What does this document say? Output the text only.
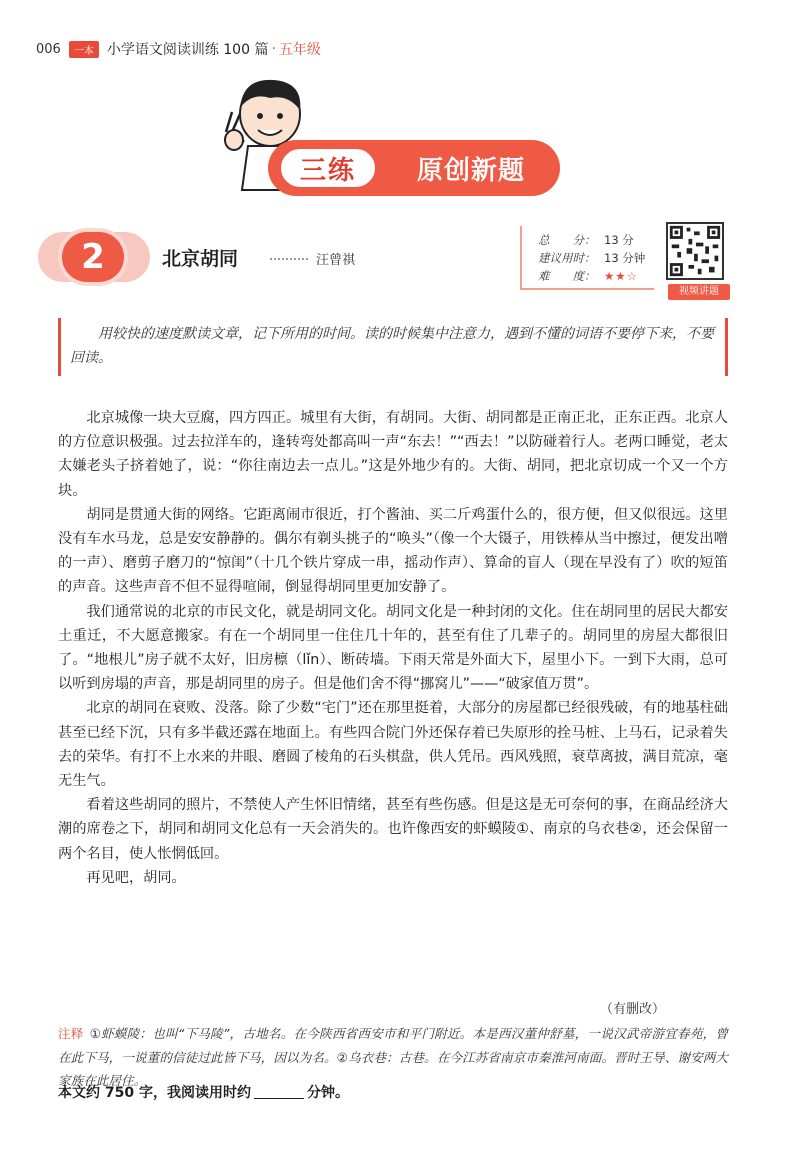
006	一本 小学语文阅读训练 100 篇 · 五年级
三练	原创新题
2	北京胡同	汪曾祺
总　　分： 13 分
建议用时： 13 分钟
难　　度： ★★☆
视频讲题
用较快的速度默读文章，记下所用的时间。读的时候集中注意力，遇到不懂的词语不要停下来，不要回读。

北京城像一块大豆腐，四方四正。城里有大街，有胡同。大街、胡同都是正南正北，正东正西。北京人的方位意识极强。过去拉洋车的，逢转弯处都高叫一声“东去！”“西去！”以防碰着行人。老两口睡觉，老太太嫌老头子挤着她了，说：“你往南边去一点儿。”这是外地少有的。大街、胡同，把北京切成一个又一个方块。

胡同是贯通大街的网络。它距离闹市很近，打个酱油、买二斤鸡蛋什么的，很方便，但又似很远。这里没有车水马龙，总是安安静静的。偶尔有剃头挑子的“唤头”（像一个大镊子，用铁棒从当中擦过，便发出噌的一声）、磨剪子磨刀的“惊闺”（十几个铁片穿成一串，摇动作声）、算命的盲人（现在早没有了）吹的短笛的声音。这些声音不但不显得喧闹，倒显得胡同里更加安静了。

我们通常说的北京的市民文化，就是胡同文化。胡同文化是一种封闭的文化。住在胡同里的居民大都安土重迁，不大愿意搬家。有在一个胡同里一住住几十年的，甚至有住了几辈子的。胡同里的房屋大都很旧了。“地根儿”房子就不太好，旧房檩（lǐn）、断砖墙。下雨天常是外面大下，屋里小下。一到下大雨，总可以听到房塌的声音，那是胡同里的房子。但是他们舍不得“挪窝儿”——“破家值万贯”。

北京的胡同在衰败、没落。除了少数“宅门”还在那里挺着，大部分的房屋都已经很残破，有的地基柱础甚至已经下沉，只有多半截还露在地面上。有些四合院门外还保存着已失原形的拴马桩、上马石，记录着失去的荣华。有打不上水来的井眼、磨圆了棱角的石头棋盘，供人凭吊。西风残照，衰草离披，满目荒凉，毫无生气。

看着这些胡同的照片，不禁使人产生怀旧情绪，甚至有些伤感。但是这是无可奈何的事，在商品经济大潮的席卷之下，胡同和胡同文化总有一天会消失的。也许像西安的虾蟆陵①、南京的乌衣巷②，还会保留一两个名目，使人怅惘低回。

再见吧，胡同。

（有删改）
注释 ①虾蟆陵：也叫“下马陵”，古地名。在今陕西省西安市和平门附近。本是西汉董仲舒墓，一说汉武帝游宜春苑，曾在此下马，一说董的信徒过此皆下马，因以为名。②乌衣巷：古巷。在今江苏省南京市秦淮河南面。晋时王导、谢安两大家族在此居住。
本文约 750 字，我阅读用时约	分钟。
